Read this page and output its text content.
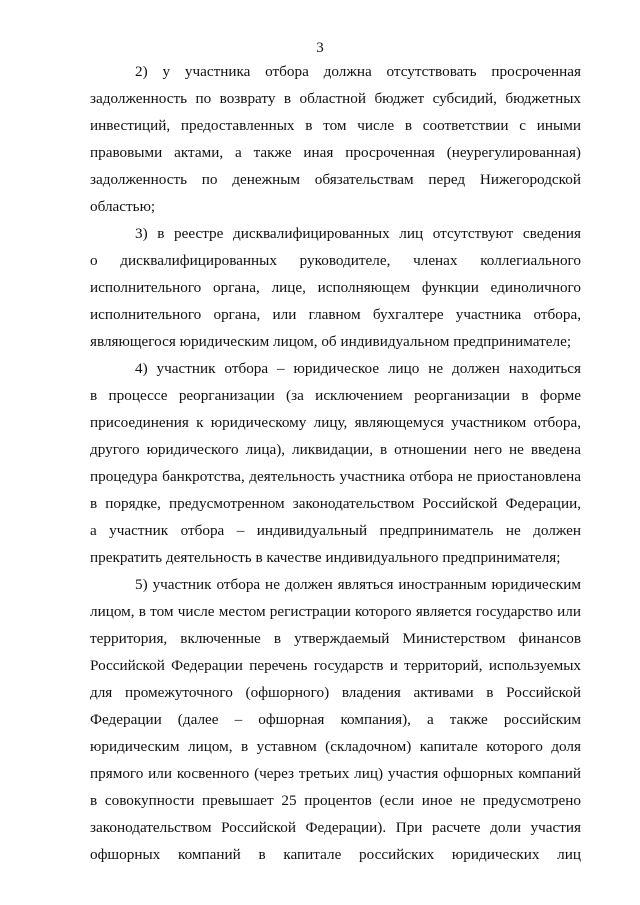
3
2) у участника отбора должна отсутствовать просроченная
задолженность по возврату в областной бюджет субсидий, бюджетных
инвестиций, предоставленных в том числе в соответствии с иными
правовыми актами, а также иная просроченная (неурегулированная)
задолженность по денежным обязательствам перед Нижегородской
областью;
3) в реестре дисквалифицированных лиц отсутствуют сведения
о дисквалифицированных руководителе, членах коллегиального
исполнительного органа, лице, исполняющем функции единоличного
исполнительного органа, или главном бухгалтере участника отбора,
являющегося юридическим лицом, об индивидуальном предпринимателе;
4) участник отбора – юридическое лицо не должен находиться
в процессе реорганизации (за исключением реорганизации в форме
присоединения к юридическому лицу, являющемуся участником отбора,
другого юридического лица), ликвидации, в отношении него не введена
процедура банкротства, деятельность участника отбора не приостановлена
в порядке, предусмотренном законодательством Российской Федерации,
а участник отбора – индивидуальный предприниматель не должен
прекратить деятельность в качестве индивидуального предпринимателя;
5) участник отбора не должен являться иностранным юридическим
лицом, в том числе местом регистрации которого является государство или
территория, включенные в утверждаемый Министерством финансов
Российской Федерации перечень государств и территорий, используемых
для промежуточного (офшорного) владения активами в Российской
Федерации (далее – офшорная компания), а также российским
юридическим лицом, в уставном (складочном) капитале которого доля
прямого или косвенного (через третьих лиц) участия офшорных компаний
в совокупности превышает 25 процентов (если иное не предусмотрено
законодательством Российской Федерации). При расчете доли участия
офшорных компаний в капитале российских юридических лиц
